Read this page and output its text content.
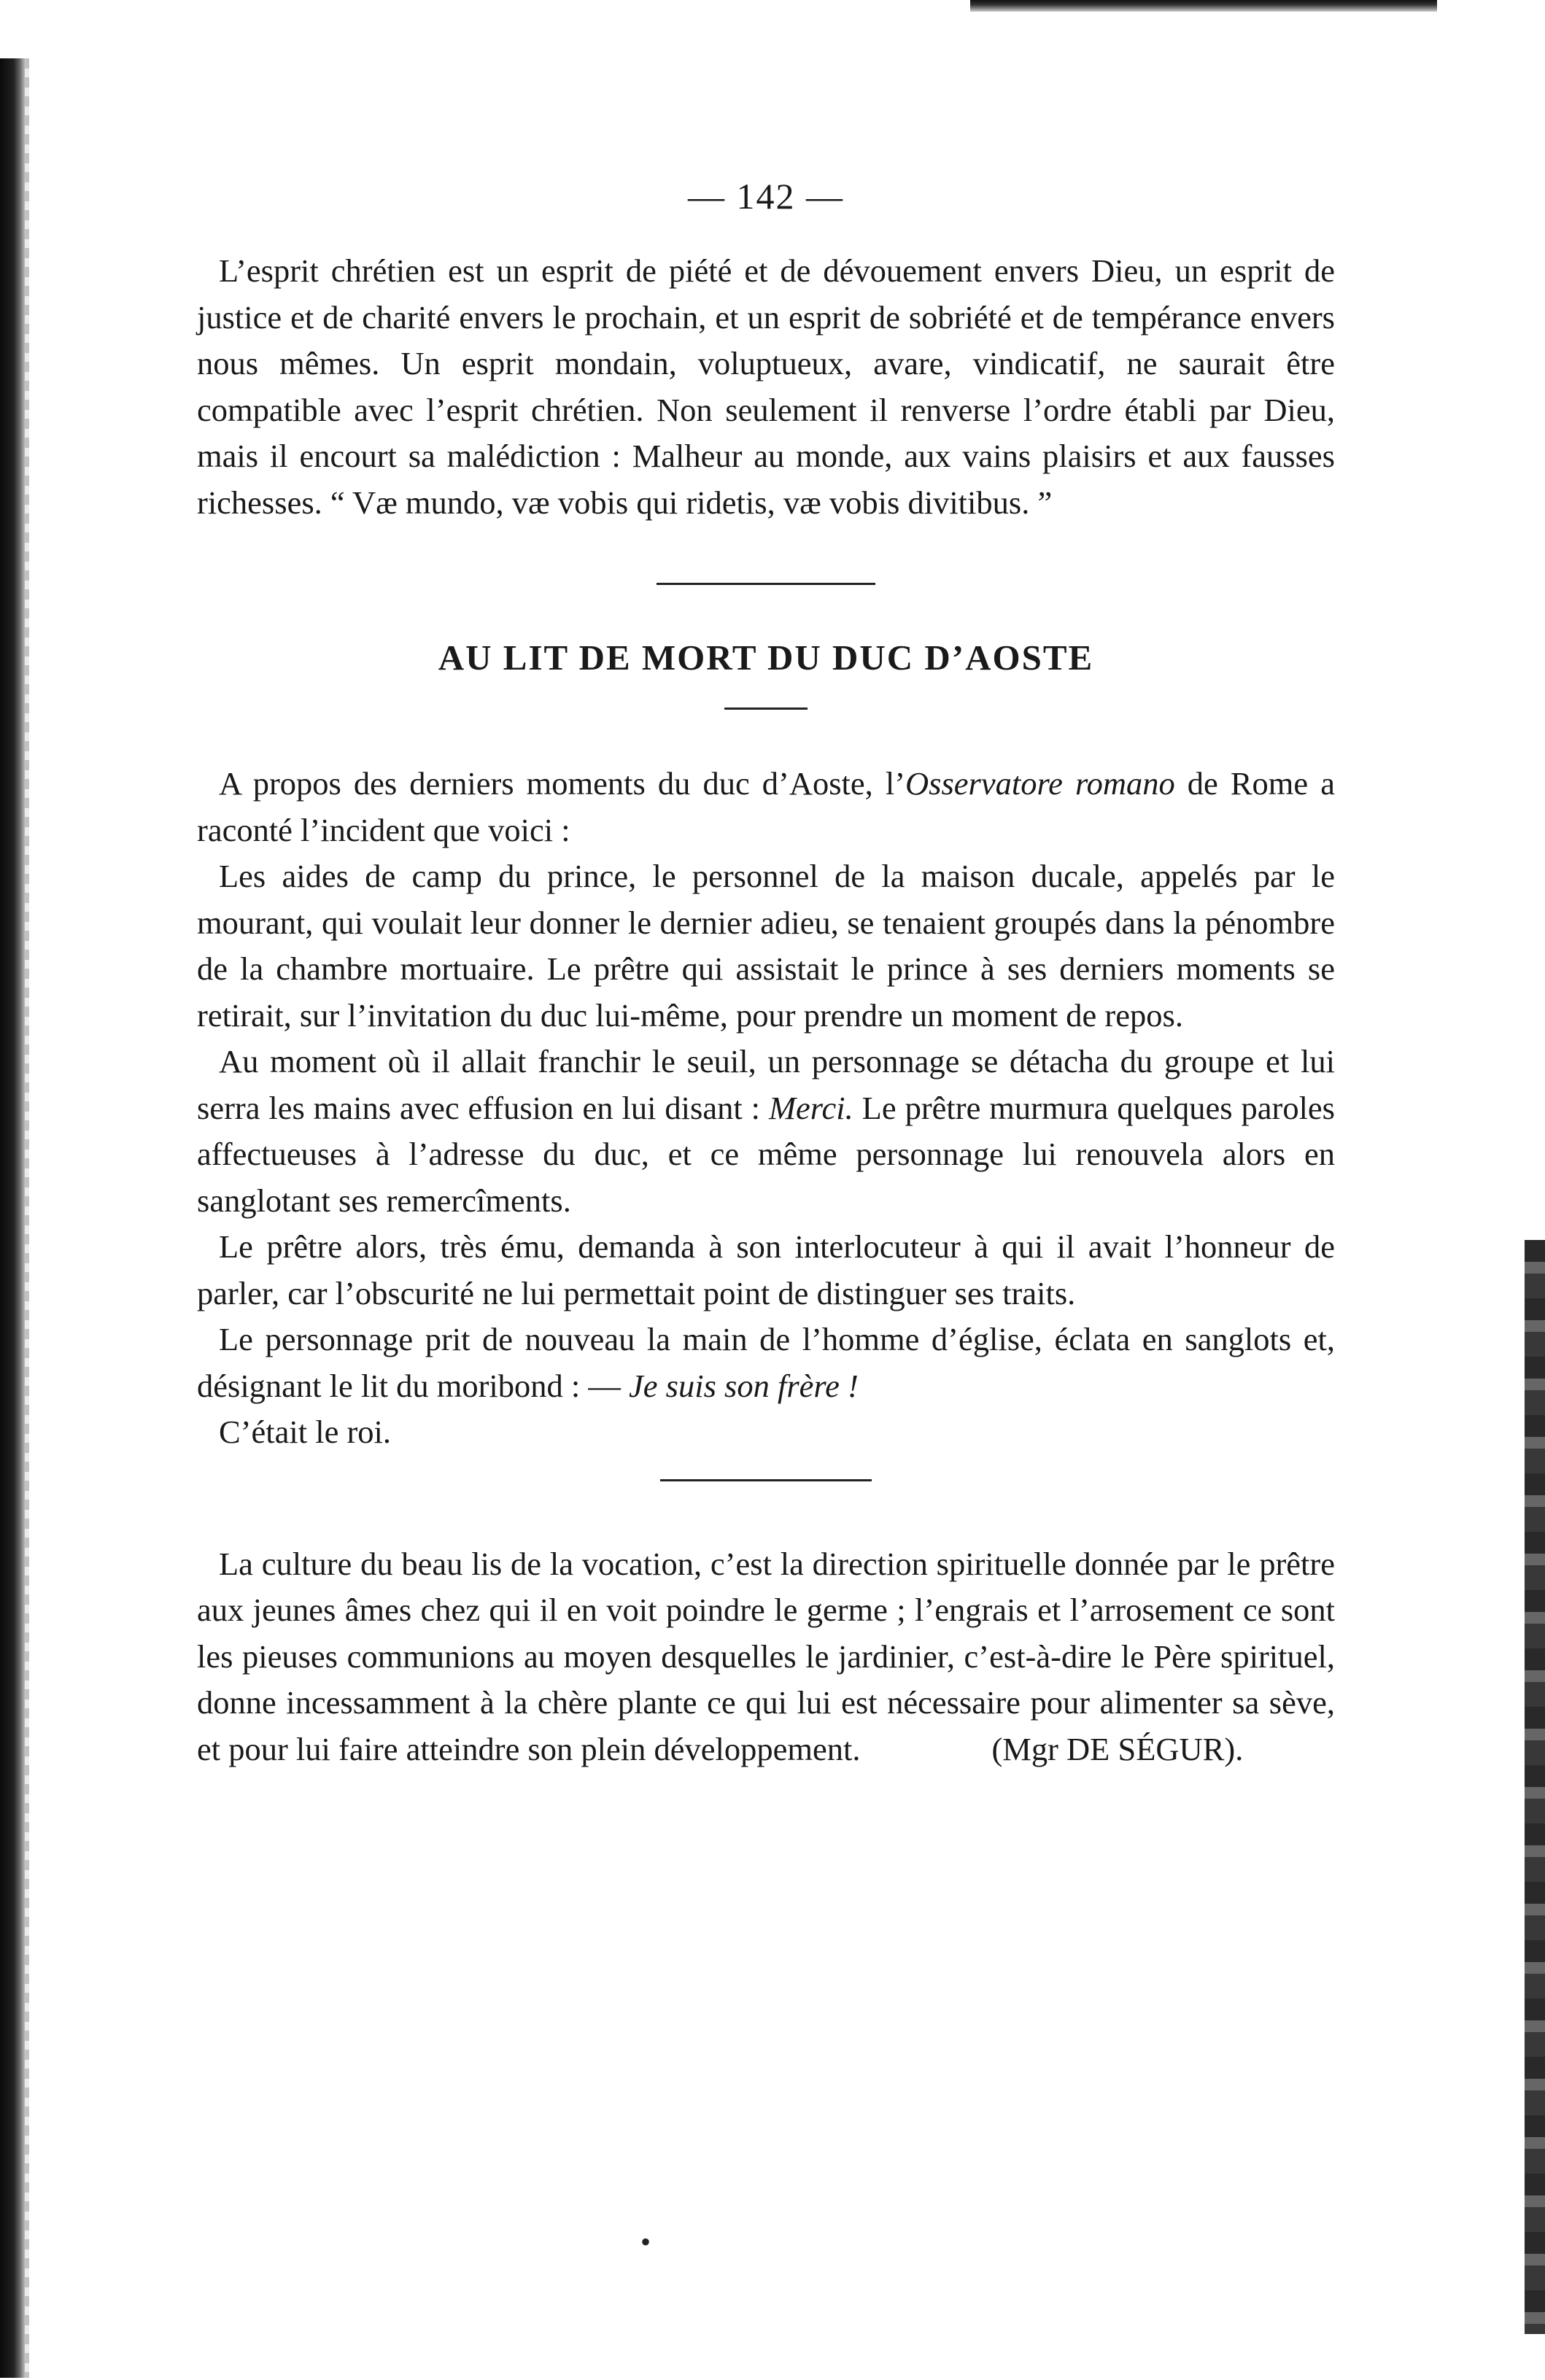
— 142 —

L’esprit chrétien est un esprit de piété et de dévouement envers Dieu, un esprit de justice et de charité envers le prochain, et un esprit de sobriété et de tempérance envers nous mêmes. Un esprit mondain, voluptueux, avare, vindicatif, ne saurait être compatible avec l’esprit chrétien. Non seulement il renverse l’ordre établi par Dieu, mais il encourt sa malédiction : Malheur au monde, aux vains plaisirs et aux fausses richesses. “ Væ mundo, væ vobis qui ridetis, væ vobis divitibus. ”

AU LIT DE MORT DU DUC D’AOSTE

A propos des derniers moments du duc d’Aoste, l’Osservatore romano de Rome a raconté l’incident que voici :

Les aides de camp du prince, le personnel de la maison ducale, appelés par le mourant, qui voulait leur donner le dernier adieu, se tenaient groupés dans la pénombre de la chambre mortuaire. Le prêtre qui assistait le prince à ses derniers moments se retirait, sur l’invitation du duc lui-même, pour prendre un moment de repos.

Au moment où il allait franchir le seuil, un personnage se détacha du groupe et lui serra les mains avec effusion en lui disant : Merci. Le prêtre murmura quelques paroles affectueuses à l’adresse du duc, et ce même personnage lui renouvela alors en sanglotant ses remercîments.

Le prêtre alors, très ému, demanda à son interlocuteur à qui il avait l’honneur de parler, car l’obscurité ne lui permettait point de distinguer ses traits.

Le personnage prit de nouveau la main de l’homme d’église, éclata en sanglots et, désignant le lit du moribond : — Je suis son frère !

C’était le roi.

La culture du beau lis de la vocation, c’est la direction spirituelle donnée par le prêtre aux jeunes âmes chez qui il en voit poindre le germe ; l’engrais et l’arrosement ce sont les pieuses communions au moyen desquelles le jardinier, c’est-à-dire le Père spirituel, donne incessamment à la chère plante ce qui lui est nécessaire pour alimenter sa sève, et pour lui faire atteindre son plein développement.	(Mgr DE SÉGUR).

•
